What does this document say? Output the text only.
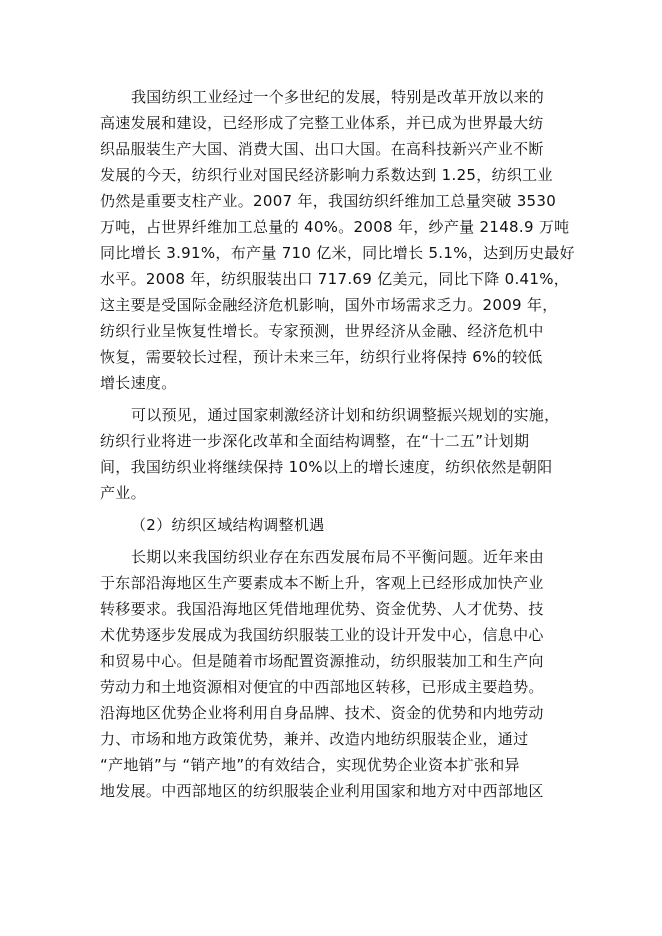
我国纺织工业经过一个多世纪的发展，特别是改革开放以来的
高速发展和建设，已经形成了完整工业体系，并已成为世界最大纺
织品服装生产大国、消费大国、出口大国。在高科技新兴产业不断
发展的今天，纺织行业对国民经济影响力系数达到 1.25，纺织工业
仍然是重要支柱产业。2007 年，我国纺织纤维加工总量突破 3530
万吨，占世界纤维加工总量的 40%。2008 年，纱产量 2148.9 万吨
同比增长 3.91%，布产量 710 亿米，同比增长 5.1%，达到历史最好
水平。2008 年，纺织服装出口 717.69 亿美元，同比下降 0.41%，
这主要是受国际金融经济危机影响，国外市场需求乏力。2009 年，
纺织行业呈恢复性增长。专家预测，世界经济从金融、经济危机中
恢复，需要较长过程，预计未来三年，纺织行业将保持 6%的较低
增长速度。
可以预见，通过国家刺激经济计划和纺织调整振兴规划的实施，
纺织行业将进一步深化改革和全面结构调整，在“十二五”计划期
间，我国纺织业将继续保持 10%以上的增长速度，纺织依然是朝阳
产业。
（2）纺织区域结构调整机遇
长期以来我国纺织业存在东西发展布局不平衡问题。近年来由
于东部沿海地区生产要素成本不断上升，客观上已经形成加快产业
转移要求。我国沿海地区凭借地理优势、资金优势、人才优势、技
术优势逐步发展成为我国纺织服装工业的设计开发中心，信息中心
和贸易中心。但是随着市场配置资源推动，纺织服装加工和生产向
劳动力和土地资源相对便宜的中西部地区转移，已形成主要趋势。
沿海地区优势企业将利用自身品牌、技术、资金的优势和内地劳动
力、市场和地方政策优势，兼并、改造内地纺织服装企业，通过
“产地销”与 “销产地”的有效结合，实现优势企业资本扩张和异
地发展。中西部地区的纺织服装企业利用国家和地方对中西部地区
